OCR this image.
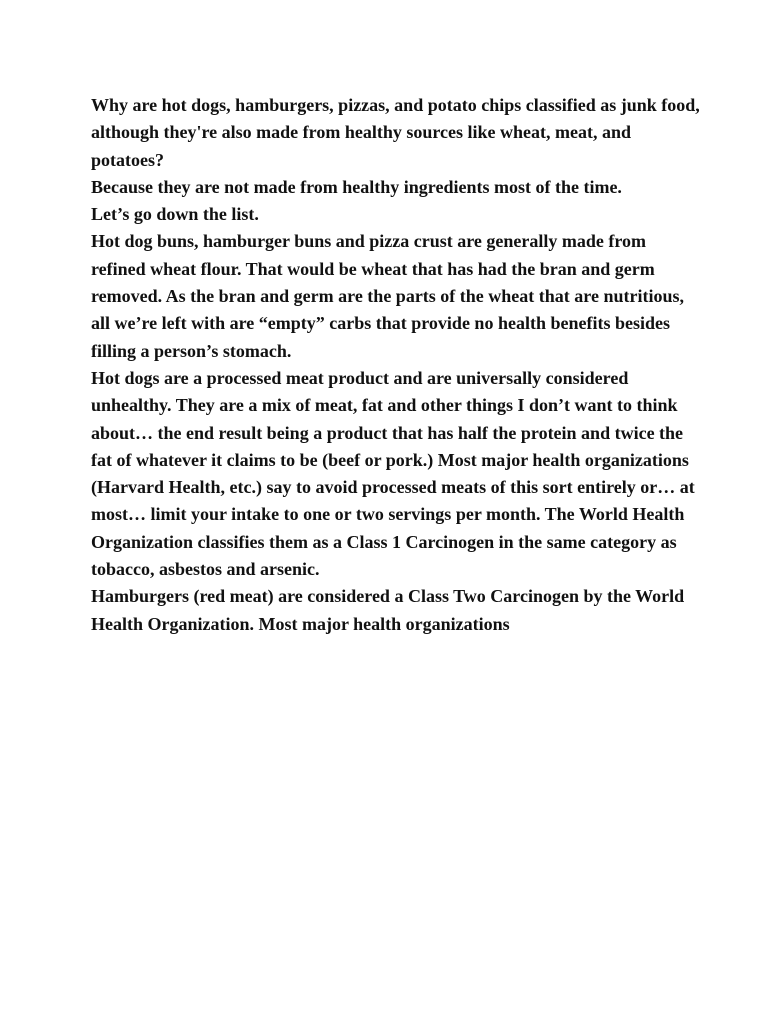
Why are hot dogs, hamburgers, pizzas, and potato chips classified as junk food, although they're also made from healthy sources like wheat, meat, and potatoes?

Because they are not made from healthy ingredients most of the time.

Let’s go down the list.

Hot dog buns, hamburger buns and pizza crust are generally made from refined wheat flour. That would be wheat that has had the bran and germ removed. As the bran and germ are the parts of the wheat that are nutritious, all we’re left with are “empty” carbs that provide no health benefits besides filling a person’s stomach.

Hot dogs are a processed meat product and are universally considered unhealthy. They are a mix of meat, fat and other things I don’t want to think about… the end result being a product that has half the protein and twice the fat of whatever it claims to be (beef or pork.) Most major health organizations (Harvard Health, etc.) say to avoid processed meats of this sort entirely or… at most… limit your intake to one or two servings per month. The World Health Organization classifies them as a Class 1 Carcinogen in the same category as tobacco, asbestos and arsenic.

Hamburgers (red meat) are considered a Class Two Carcinogen by the World Health Organization. Most major health organizations
